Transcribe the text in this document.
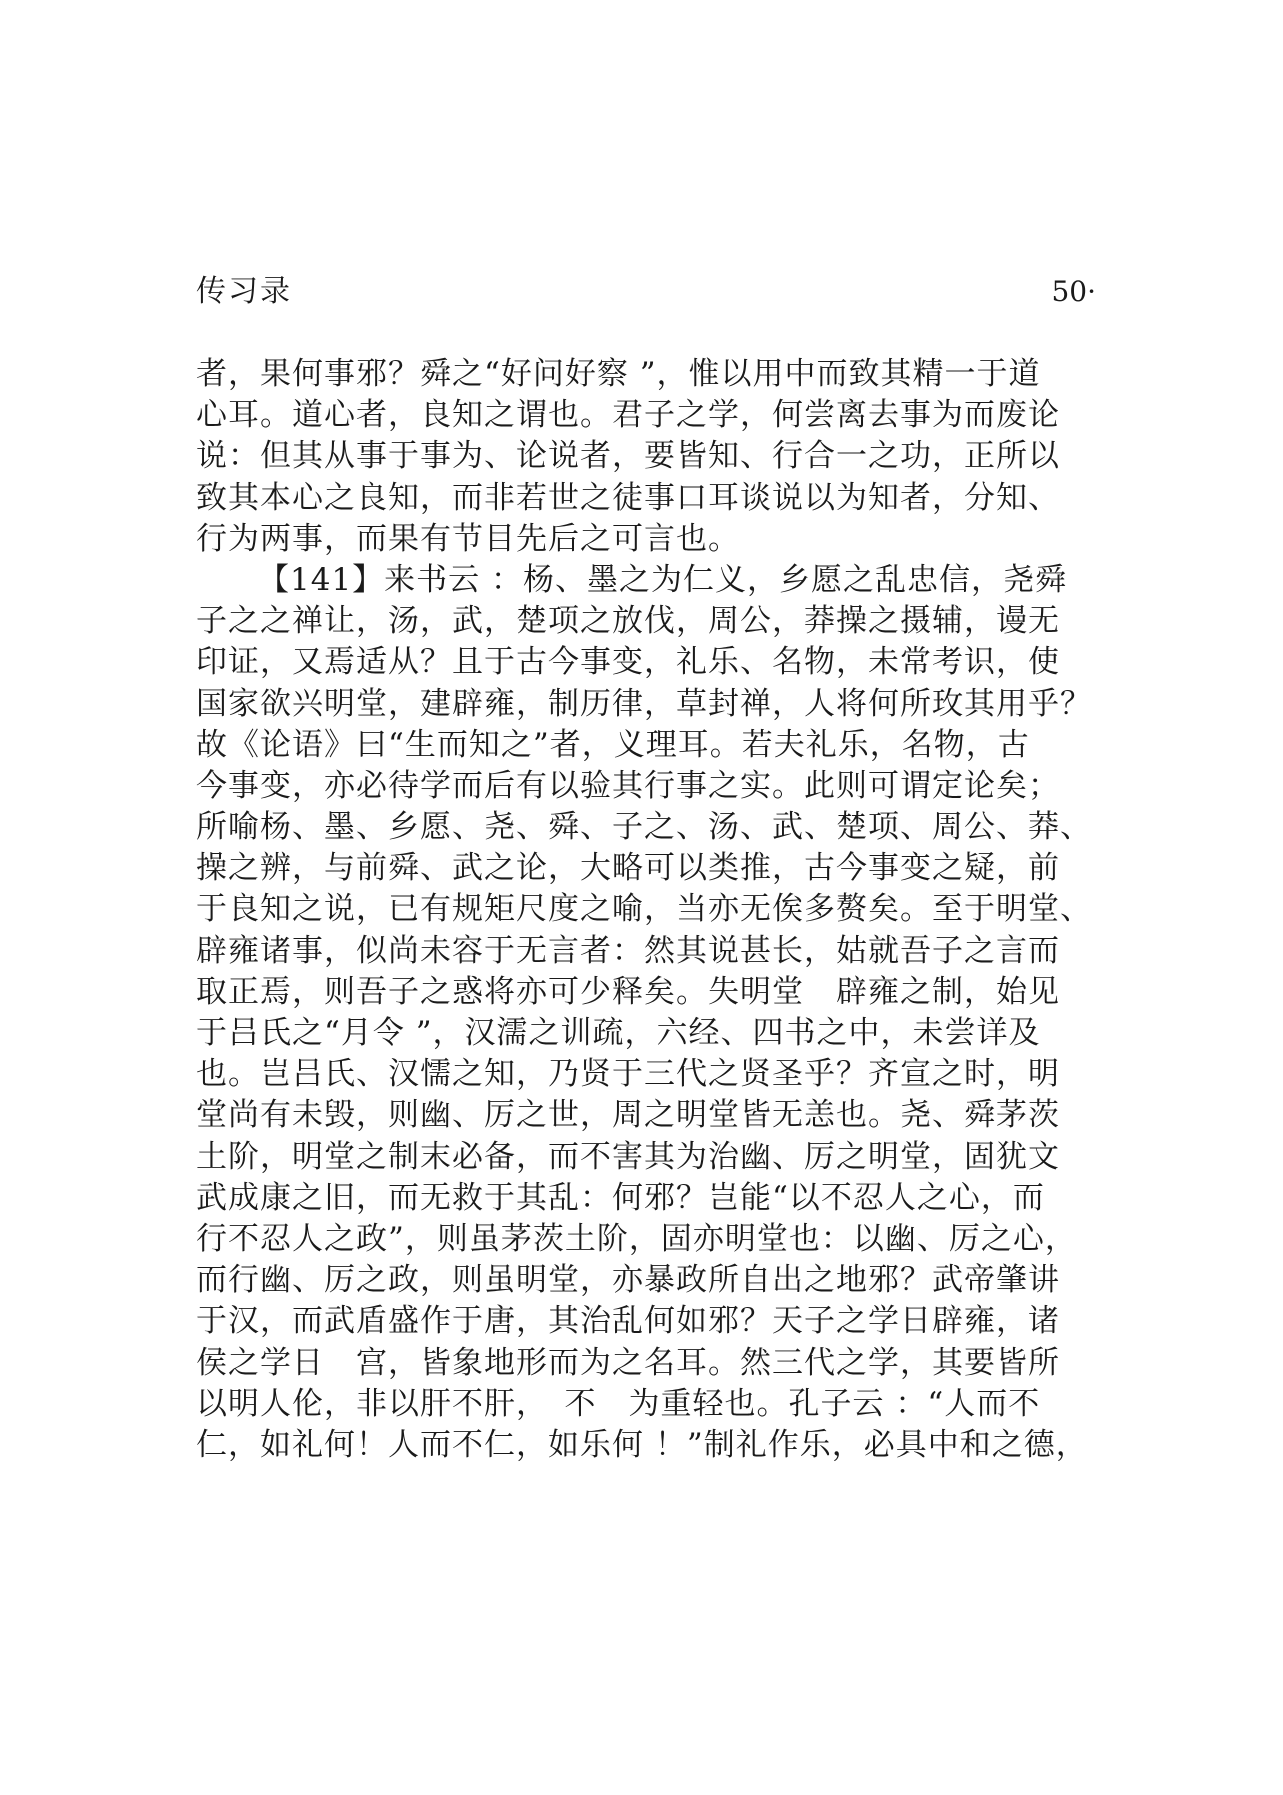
传习录	50·
者，果何事邪？舜之“好问好察 ”，惟以用中而致其精一于道
心耳。道心者，良知之谓也。君子之学，何尝离去事为而废论
说：但其从事于事为、论说者，要皆知、行合一之功，正所以
致其本心之良知，而非若世之徒事口耳谈说以为知者，分知、
行为两事，而果有节目先后之可言也。
【141】来书云 ：杨、墨之为仁义，乡愿之乱忠信，尧舜
子之之禅让，汤，武，楚项之放伐，周公，莽操之摄辅，谩无
印证，又焉适从？且于古今事变，礼乐、名物，未常考识，使
国家欲兴明堂，建辟雍，制历律，草封禅，人将何所玫其用乎？
故《论语》曰“生而知之”者，义理耳。若夫礼乐，名物，古
今事变，亦必待学而后有以验其行事之实。此则可谓定论矣；
所喻杨、墨、乡愿、尧、舜、子之、汤、武、楚项、周公、莽、
操之辨，与前舜、武之论，大略可以类推，古今事变之疑，前
于良知之说，已有规矩尺度之喻，当亦无俟多赘矣。至于明堂、
辟雍诸事，似尚未容于无言者：然其说甚长，姑就吾子之言而
取正焉，则吾子之惑将亦可少释矣。失明堂　辟雍之制，始见
于吕氏之“月令 ”，汉濡之训疏，六经、四书之中，未尝详及
也。岂吕氏、汉懦之知，乃贤于三代之贤圣乎？齐宣之时，明
堂尚有未毁，则幽、厉之世，周之明堂皆无恙也。尧、舜茅茨
土阶，明堂之制末必备，而不害其为治幽、厉之明堂，固犹文
武成康之旧，而无救于其乱：何邪？岂能“以不忍人之心，而
行不忍人之政”，则虽茅茨土阶，固亦明堂也：以幽、厉之心，
而行幽、厉之政，则虽明堂，亦暴政所自出之地邪？武帝肇讲
于汉，而武盾盛作于唐，其治乱何如邪？天子之学日辟雍，诸
侯之学日　宫，皆象地形而为之名耳。然三代之学，其要皆所
以明人伦，非以肝不肝，　不　为重轻也。孔子云 ：“人而不
仁，如礼何！人而不仁，如乐何 ！”制礼作乐，必具中和之德，
